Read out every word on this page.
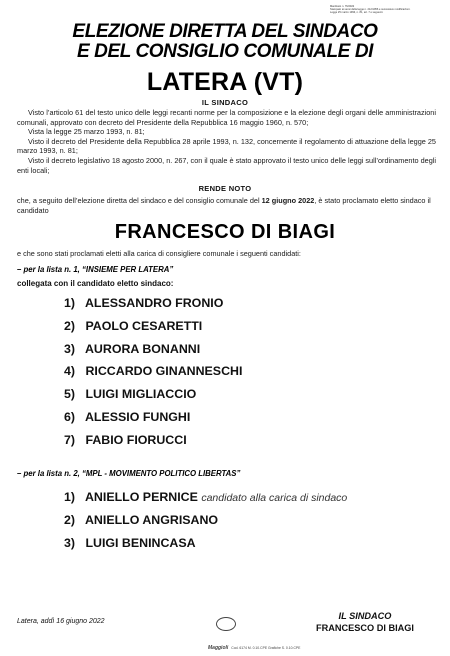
Manifesto n. 76/2022
Stampato ai sensi della legge n. 212/1956 e successive modificazioni.
Legge 25 marzo 1993, n. 81, art. 7 e seguenti.
ELEZIONE DIRETTA DEL SINDACO
E DEL CONSIGLIO COMUNALE DI
LATERA (VT)
IL SINDACO

Visto l’articolo 61 del testo unico delle leggi recanti norme per la composizione e la elezione degli organi delle amministrazioni comunali, approvato con decreto del Presidente della Repubblica 16 maggio 1960, n. 570;

Vista la legge 25 marzo 1993, n. 81;

Visto il decreto del Presidente della Repubblica 28 aprile 1993, n. 132, concernente il regolamento di attuazione della legge 25 marzo 1993, n. 81;

Visto il decreto legislativo 18 agosto 2000, n. 267, con il quale è stato approvato il testo unico delle leggi sull’ordinamento degli enti locali;

RENDE NOTO
che, a seguito dell’elezione diretta del sindaco e del consiglio comunale del 12 giugno 2022, è stato proclamato eletto sindaco il candidato
FRANCESCO DI BIAGI
e che sono stati proclamati eletti alla carica di consigliere comunale i seguenti candidati:
– per la lista n. 1, “INSIEME PER LATERA”
collegata con il candidato eletto sindaco:
1) ALESSANDRO FRONIO
2) PAOLO CESARETTI
3) AURORA BONANNI
4) RICCARDO GINANNESCHI
5) LUIGI MIGLIACCIO
6) ALESSIO FUNGHI
7) FABIO FIORUCCI
– per la lista n. 2, “MPL - MOVIMENTO POLITICO LIBERTAS”
1) ANIELLO PERNICE candidato alla carica di sindaco
2) ANIELLO ANGRISANO
3) LUIGI BENINCASA
Latera, addì 16 giugno 2022
IL SINDACO
FRANCESCO DI BIAGI
Maggioli Cod. 6174 M. 0.10.CPE Grafiche S. 0.10.CPE
